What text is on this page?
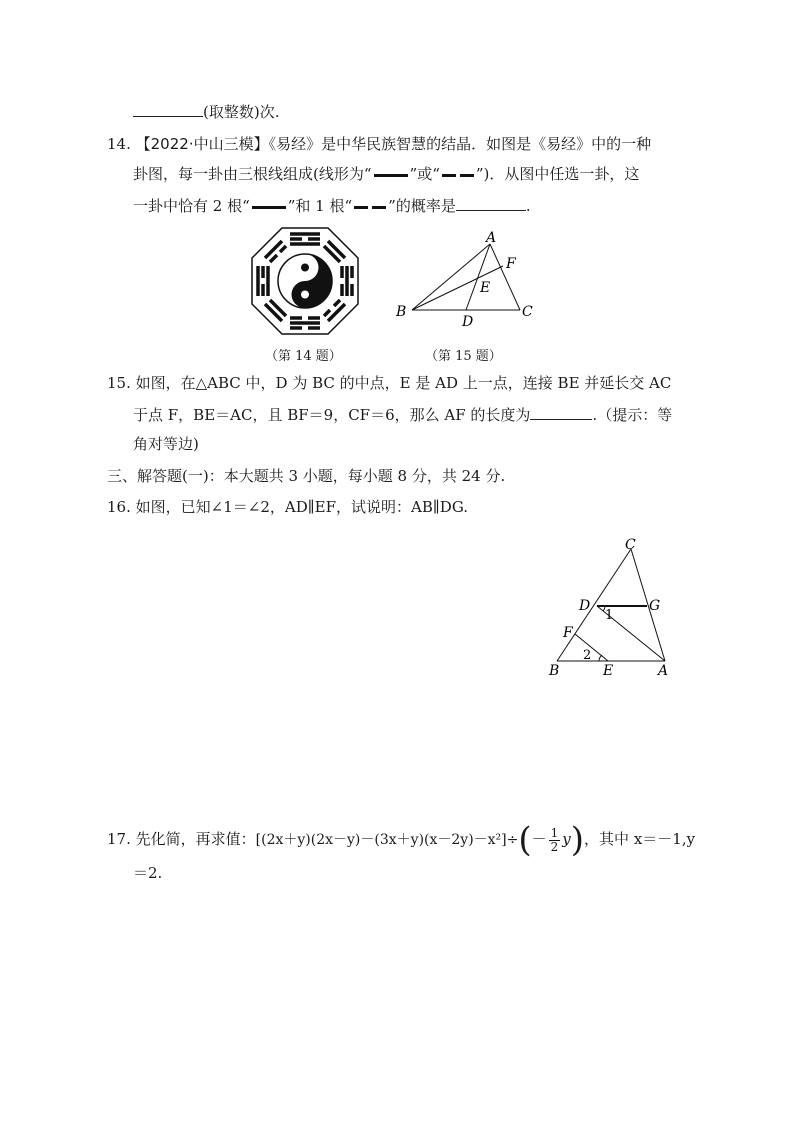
(取整数)次.
14. 【2022·中山三模】《易经》是中华民族智慧的结晶．如图是《易经》中的一种
卦图，每一卦由三根线组成(线形为“	”或“ ”)．从图中任选一卦，这
一卦中恰有 2 根“	”和 1 根“ ”的概率是	.
A
F
E
B	C
D
（第 14 题）	（第 15 题）
15. 如图，在△ABC 中，D 为 BC 的中点，E 是 AD 上一点，连接 BE 并延长交 AC
于点 F，BE＝AC，且 BF＝9，CF＝6，那么 AF 的长度为	.（提示：等
角对等边)
三、解答题(一)：本大题共 3 小题，每小题 8 分，共 24 分.
16. 如图，已知∠1＝∠2，AD∥EF，试说明：AB∥DG.
C
D	G
1
F
2
B	E	A
17. 先化简，再求值：$[(2x+y)(2x-y)-(3x+y)(x-2y)-x^2]\div(- \frac{1}{2} y)$，其中 x＝－1,y
＝2.
